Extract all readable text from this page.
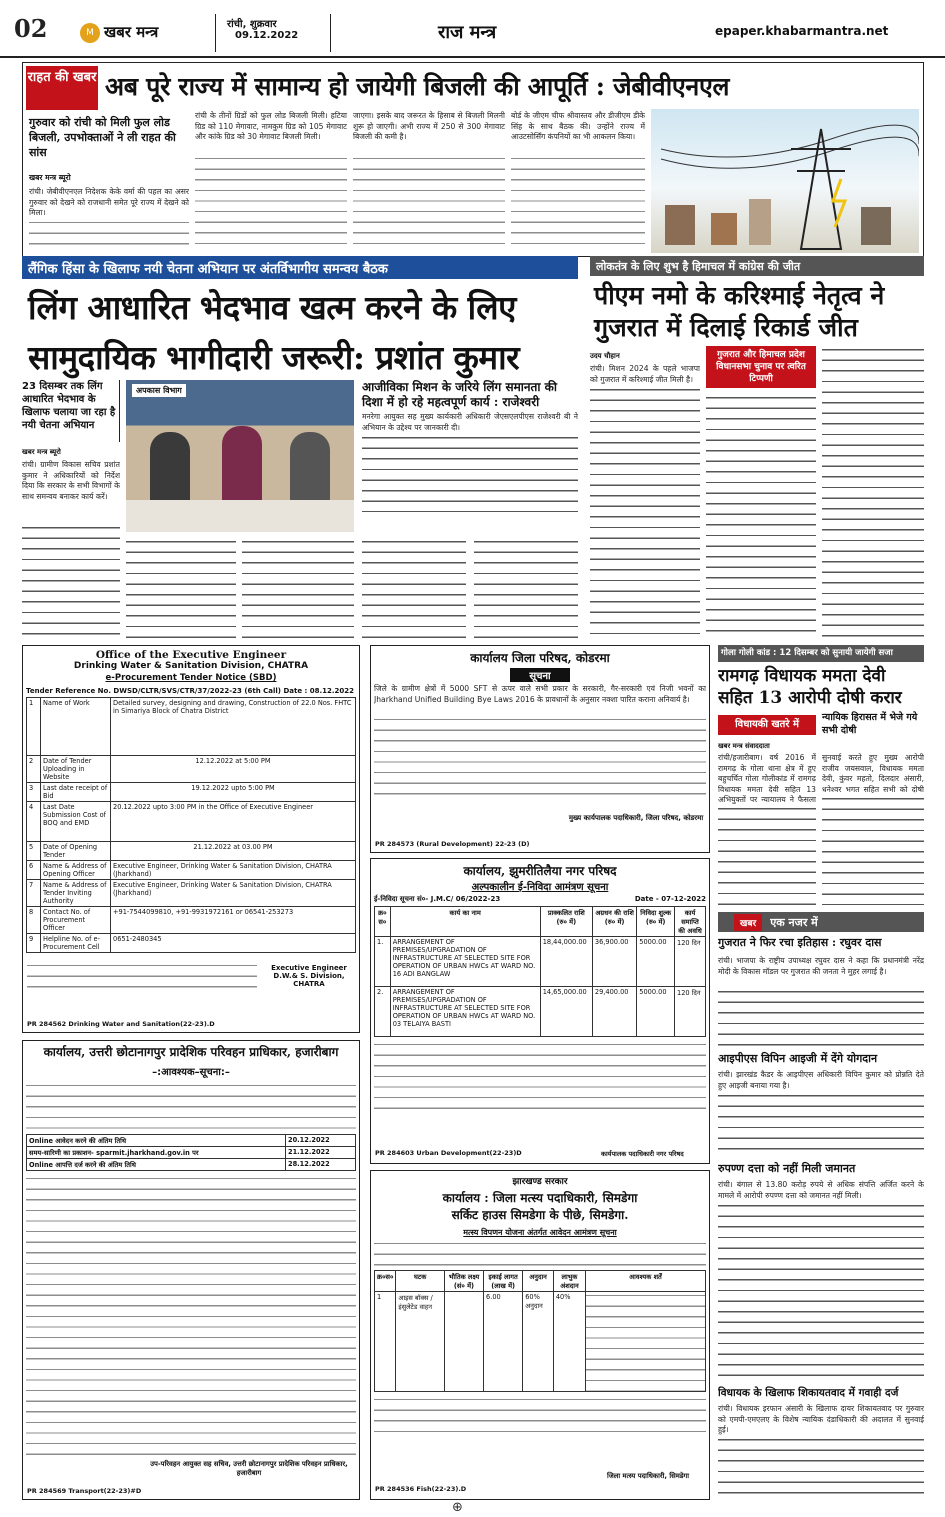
02	M खबर मन्त्र	रांची, शुक्रवार
09.12.2022	राज मन्त्र	epaper.khabarmantra.net
राहत की खबर अब पूरे राज्य में सामान्य हो जायेगी बिजली की आपूर्ति : जेबीवीएनएल
गुरुवार को रांची को मिली फुल लोड बिजली, उपभोक्ताओं ने ली राहत की सांस
खबर मन्त्र ब्यूरो
रांची। जेबीवीएनएल निदेशक केके वर्मा की पहल का असर गुरुवार को देखने को राजधानी समेत पूरे राज्य में देखने को मिला।
रांची के तीनों ग्रिडों को फुल लोड बिजली मिली। हटिया ग्रिड को 110 मेगावाट, नामकुम ग्रिड को 105 मेगावाट और कांके ग्रिड को 30 मेगावाट बिजली मिली।
जाएगा। इसके बाद जरूरत के हिसाब से बिजली मिलनी शुरू हो जाएगी। अभी राज्य में 250 से 300 मेगावाट बिजली की कमी है।
बोर्ड के जीएम चीफ श्रीवास्तव और डीजीएम डीके सिंह के साथ बैठक की। उन्होंने राज्य में आउटसोर्सिंग कंपनियों का भी आकलन किया।
लैंगिक हिंसा के खिलाफ नयी चेतना अभियान पर अंतर्विभागीय समन्वय बैठक
लिंग आधारित भेदभाव खत्म करने के लिए
सामुदायिक भागीदारी जरूरी: प्रशांत कुमार
23 दिसम्बर तक लिंग आधारित भेदभाव के खिलाफ चलाया जा रहा है नयी चेतना अभियान
खबर मन्त्र ब्यूरो
रांची। ग्रामीण विकास सचिव प्रशांत कुमार ने अधिकारियों को निर्देश दिया कि सरकार के सभी विभागों के साथ समन्वय बनाकर कार्य करें।
अपकास विभाग	आजीविका मिशन के जरिये लिंग समानता की दिशा में हो रहे महत्वपूर्ण कार्य : राजेश्वरी
मनरेगा आयुक्त सह मुख्य कार्यकारी अधिकारी जेएसएलपीएस राजेश्वरी बी ने अभियान के उद्देश्य पर जानकारी दी।
लोकतंत्र के लिए शुभ है हिमाचल में कांग्रेस की जीत
पीएम नमो के करिश्माई नेतृत्व ने गुजरात में दिलाई रिकार्ड जीत
उदय चौहान
रांची। मिशन 2024 के पहले भाजपा को गुजरात में करिश्माई जीत मिली है।
गुजरात और हिमाचल प्रदेश विधानसभा चुनाव पर त्वरित टिप्पणी
Office of the Executive Engineer
Drinking Water & Sanitation Division, CHATRA
e-Procurement Tender Notice (SBD)
Tender Reference No. DWSD/CLTR/SVS/CTR/37/2022-23 (6th Call) Date : 08.12.2022
1	Name of Work	Detailed survey, designing and drawing, Construction of 22.0 Nos. FHTC in Simariya Block of Chatra District
2	Date of Tender Uploading in Website	12.12.2022 at 5:00 PM
3	Last date receipt of Bid	19.12.2022 upto 5:00 PM
4	Last Date Submission Cost of BOQ and EMD	20.12.2022 upto 3:00 PM in the Office of Executive Engineer
5	Date of Opening Tender	21.12.2022 at 03.00 PM
6	Name & Address of Opening Officer	Executive Engineer, Drinking Water & Sanitation Division, CHATRA (Jharkhand)
7	Name & Address of Tender Inviting Authority	Executive Engineer, Drinking Water & Sanitation Division, CHATRA (Jharkhand)
8	Contact No. of Procurement Officer	+91-7544099810, +91-9931972161 or 06541-253273
9	Helpline No. of e-Procurement Cell	0651-2480345
Executive Engineer D.W.& S. Division, CHATRA
PR 284562 Drinking Water and Sanitation(22-23).D
कार्यालय, उत्तरी छोटानागपुर प्रादेशिक परिवहन प्राधिकार, हजारीबाग
–:आवश्यक–सूचना:–
Online आवेदन करने की अंतिम तिथि	20.12.2022
समय-सारिणी का प्रकाशन- sparmit.jharkhand.gov.in पर	21.12.2022
Online आपत्ति दर्ज करने की अंतिम तिथि	28.12.2022
उप-परिवहन आयुक्त सह सचिव, उत्तरी छोटानागपुर प्रादेशिक परिवहन प्राधिकार, हजारीबाग
PR 284569 Transport(22-23)#D
कार्यालय जिला परिषद, कोडरमा
सूचना
जिले के ग्रामीण क्षेत्रों में 5000 SFT से ऊपर वाले सभी प्रकार के सरकारी, गैर-सरकारी एवं निजी भवनों का Jharkhand Unified Building Bye Laws 2016 के प्रावधानों के अनुसार नक्शा पारित कराना अनिवार्य है।
मुख्य कार्यपालक पदाधिकारी, जिला परिषद, कोडरमा
PR 284573 (Rural Development) 22-23 (D)
कार्यालय, झुमरीतिलैया नगर परिषद
अल्पकालीन ई-निविदा आमंत्रण सूचना
ई-निविदा सूचना सं०- J.M.C/ 06/2022-23	Date - 07-12-2022
क्र० स०	कार्य का नाम	प्राक्कलित राशि (रु० में)	अग्रधन की राशि (रु० में)	निविदा शुल्क (रु० में)	कार्य समाप्ति की अवधि
1.	ARRANGEMENT OF PREMISES/UPGRADATION OF INFRASTRUCTURE AT SELECTED SITE FOR OPERATION OF URBAN HWCs AT WARD NO. 16 ADI BANGLAW	18,44,000.00	36,900.00	5000.00	120 दिन
2.	ARRANGEMENT OF PREMISES/UPGRADATION OF INFRASTRUCTURE AT SELECTED SITE FOR OPERATION OF URBAN HWCs AT WARD NO. 03 TELAIYA BASTI	14,65,000.00	29,400.00	5000.00	120 दिन
PR 284603 Urban Development(22-23)D	कार्यपालक पदाधिकारी नगर परिषद
झारखण्ड सरकार
कार्यालय : जिला मत्स्य पदाधिकारी, सिमडेगा
सर्किट हाउस सिमडेगा के पीछे, सिमडेगा.
मत्स्य विपणन योजना अंतर्गत आवेदन आमंत्रण सूचना
क्र०स०	घटक	भौतिक लक्ष्य (सं० में)	इकाई लागत (लाख में)	अनुदान	लाभुक अंशदान	आवश्यक शर्तें
1	आइस बॉक्स / इंसुलेटेड वाहन		6.00	60% अनुदान	40%	
जिला मत्स्य पदाधिकारी, सिमडेगा
PR 284536 Fish(22-23).D
गोला गोली कांड : 12 दिसम्बर को सुनायी जायेगी सजा
रामगढ़ विधायक ममता देवी सहित 13 आरोपी दोषी करार
विधायकी खतरे में
न्यायिक हिरासत में भेजे गये सभी दोषी
खबर मन्त्र संवाददाता
रांची/हजारीबाग। वर्ष 2016 में रामगढ़ के गोला थाना क्षेत्र में हुए बहुचर्चित गोला गोलीकांड में रामगढ़ विधायक ममता देवी सहित 13 अभियुक्तों पर न्यायालय ने फैसला
सुनवाई करते हुए मुख्य आरोपी राजीव जयसवाल, विधायक ममता देवी, कुंवर महतो, दिलदार अंसारी, धनेश्वर भगत सहित सभी को दोषी
खबर	एक नजर में
गुजरात ने फिर रचा इतिहास : रघुवर दास
रांची। भाजपा के राष्ट्रीय उपाध्यक्ष रघुवर दास ने कहा कि प्रधानमंत्री नरेंद्र मोदी के विकास मॉडल पर गुजरात की जनता ने मुहर लगाई है।
आइपीएस विपिन आइजी में देंगे योगदान
रांची। झारखंड कैडर के आइपीएस अधिकारी विपिन कुमार को प्रोन्नति देते हुए आइजी बनाया गया है।
रुपण्ण दत्ता को नहीं मिली जमानत
रांची। बंगाल से 13.80 करोड़ रुपये से अधिक संपत्ति अर्जित करने के मामले में आरोपी रुपण्ण दत्ता को जमानत नहीं मिली।
विधायक के खिलाफ शिकायतवाद में गवाही दर्ज
रांची। विधायक इरफान अंसारी के खिलाफ दायर शिकायतवाद पर गुरुवार को एमपी-एमएलए के विशेष न्यायिक दंडाधिकारी की अदालत में सुनवाई हुई।
⊕
